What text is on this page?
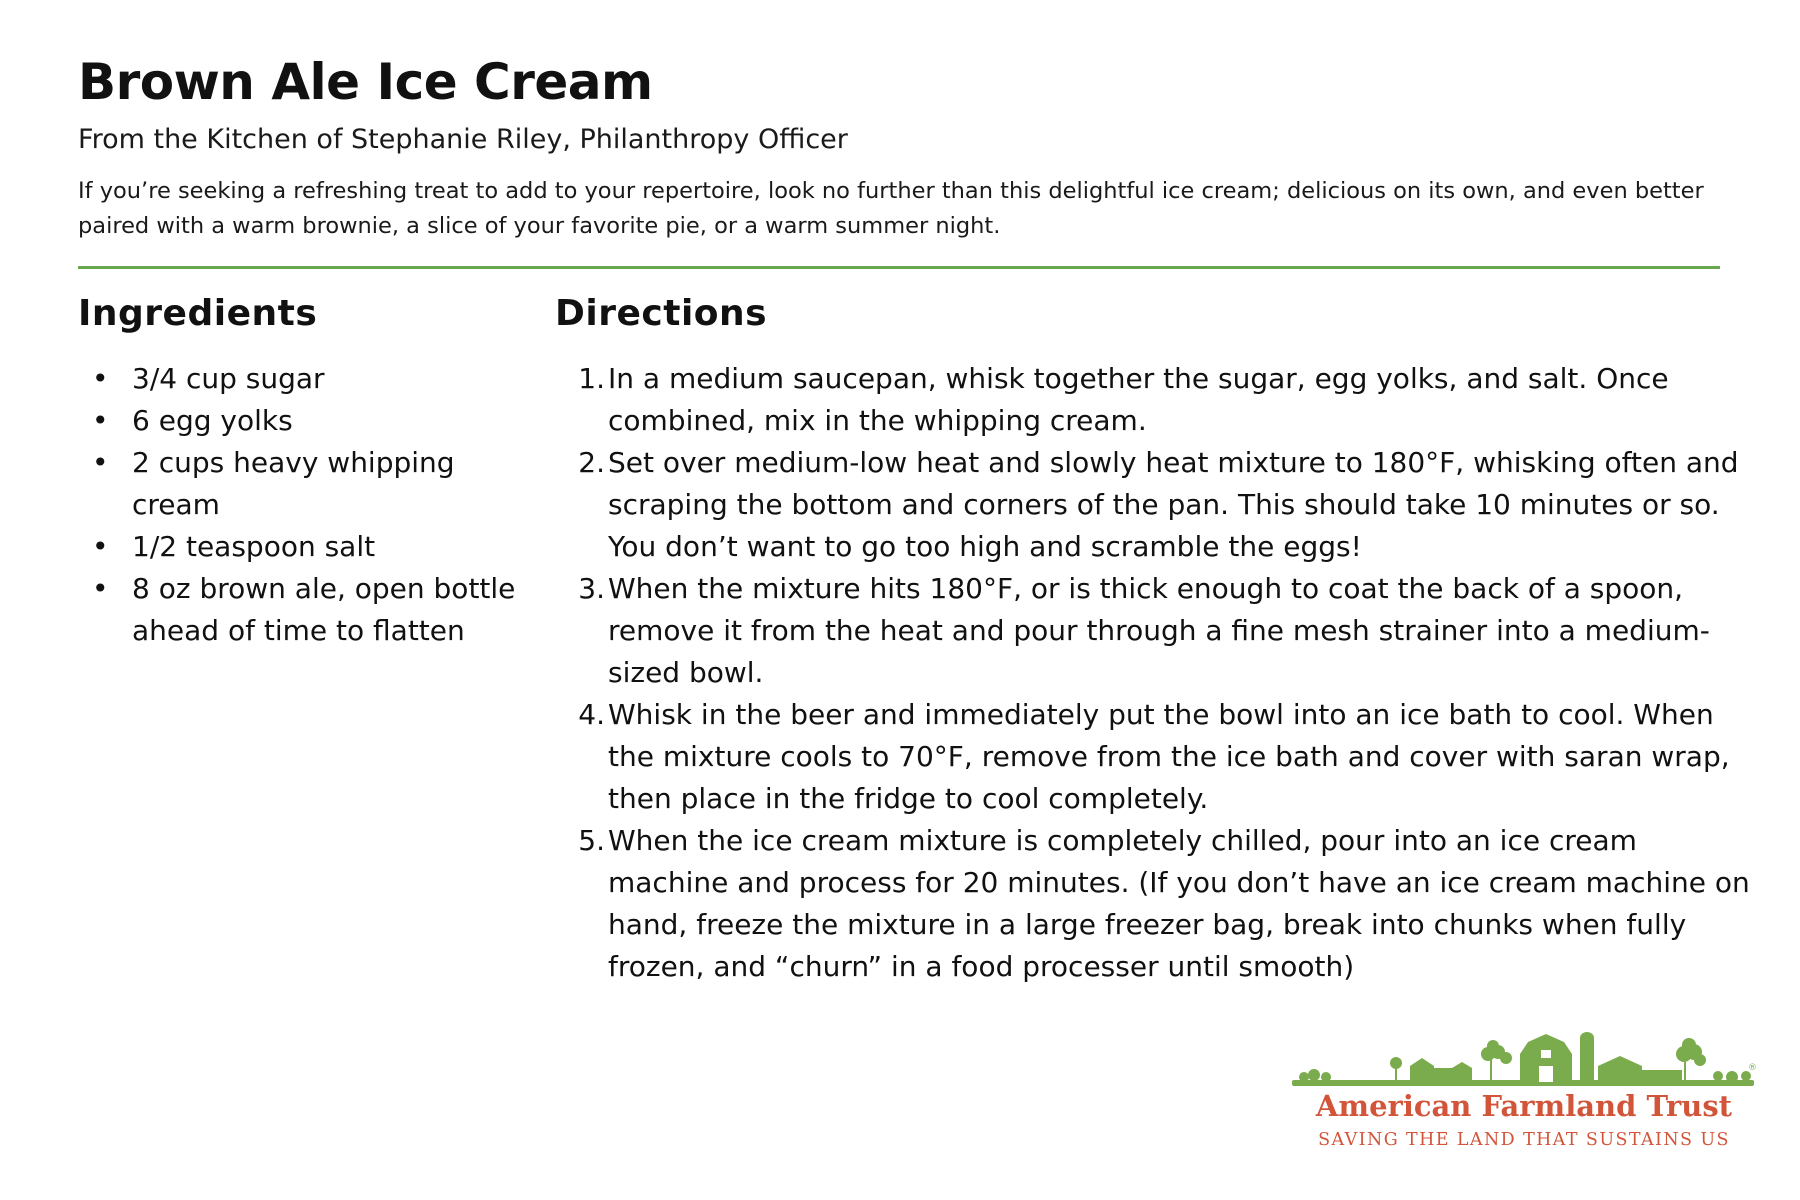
Brown Ale Ice Cream

From the Kitchen of Stephanie Riley, Philanthropy Officer

If you’re seeking a refreshing treat to add to your repertoire, look no further than this delightful ice cream; delicious on its own, and even better paired with a warm brownie, a slice of your favorite pie, or a warm summer night.

Ingredients
• 3/4 cup sugar
• 6 egg yolks
• 2 cups heavy whipping cream
• 1/2 teaspoon salt
• 8 oz brown ale, open bottle ahead of time to flatten
Directions
1. In a medium saucepan, whisk together the sugar, egg yolks, and salt. Once combined, mix in the whipping cream.
2. Set over medium-low heat and slowly heat mixture to 180°F, whisking often and scraping the bottom and corners of the pan. This should take 10 minutes or so. You don’t want to go too high and scramble the eggs!
3. When the mixture hits 180°F, or is thick enough to coat the back of a spoon, remove it from the heat and pour through a fine mesh strainer into a medium-sized bowl.
4. Whisk in the beer and immediately put the bowl into an ice bath to cool. When the mixture cools to 70°F, remove from the ice bath and cover with saran wrap, then place in the fridge to cool completely.
5. When the ice cream mixture is completely chilled, pour into an ice cream machine and process for 20 minutes. (If you don’t have an ice cream machine on hand, freeze the mixture in a large freezer bag, break into chunks when fully frozen, and “churn” in a food processer until smooth)
®
American Farmland Trust
SAVING THE LAND THAT SUSTAINS US
